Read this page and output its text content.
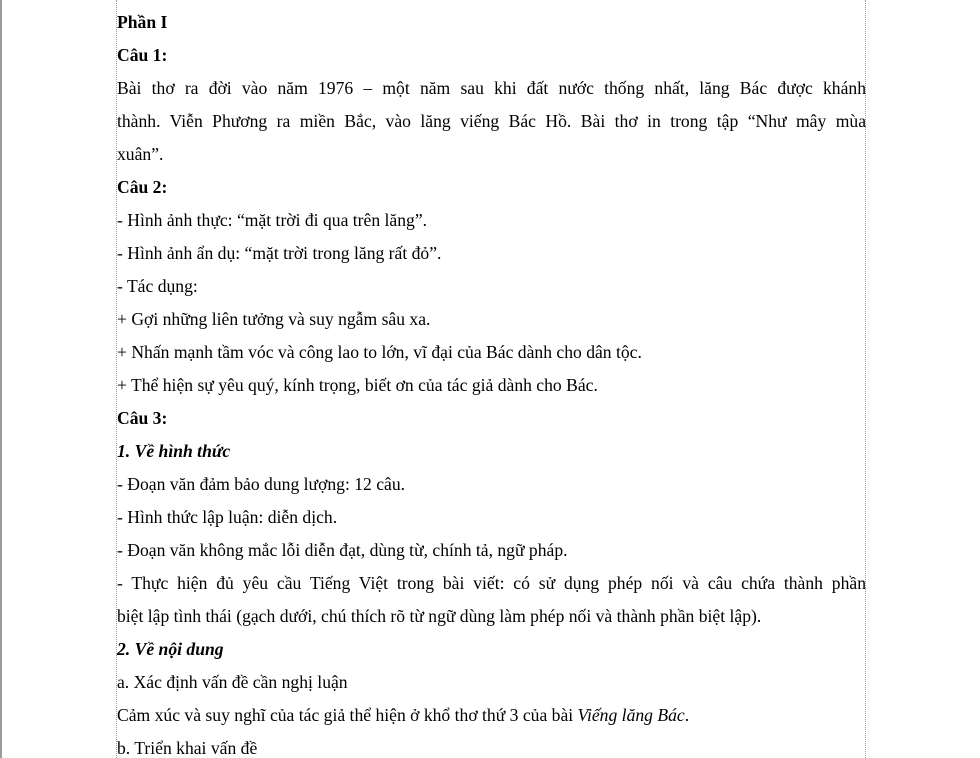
Phần I
Câu 1:
Bài thơ ra đời vào năm 1976 – một năm sau khi đất nước thống nhất, lăng Bác được khánh
thành. Viễn Phương ra miền Bắc, vào lăng viếng Bác Hồ. Bài thơ in trong tập “Như mây mùa
xuân”.
Câu 2:
- Hình ảnh thực: “mặt trời đi qua trên lăng”.
- Hình ảnh ẩn dụ: “mặt trời trong lăng rất đỏ”.
- Tác dụng:
+ Gợi những liên tưởng và suy ngẫm sâu xa.
+ Nhấn mạnh tầm vóc và công lao to lớn, vĩ đại của Bác dành cho dân tộc.
+ Thể hiện sự yêu quý, kính trọng, biết ơn của tác giả dành cho Bác.
Câu 3:
1. Về hình thức
- Đoạn văn đảm bảo dung lượng: 12 câu.
- Hình thức lập luận: diễn dịch.
- Đoạn văn không mắc lỗi diễn đạt, dùng từ, chính tả, ngữ pháp.
- Thực hiện đủ yêu cầu Tiếng Việt trong bài viết: có sử dụng phép nối và câu chứa thành phần
biệt lập tình thái (gạch dưới, chú thích rõ từ ngữ dùng làm phép nối và thành phần biệt lập).
2. Về nội dung
a. Xác định vấn đề cần nghị luận
Cảm xúc và suy nghĩ của tác giả thể hiện ở khổ thơ thứ 3 của bài Viếng lăng Bác.
b. Triển khai vấn đề
